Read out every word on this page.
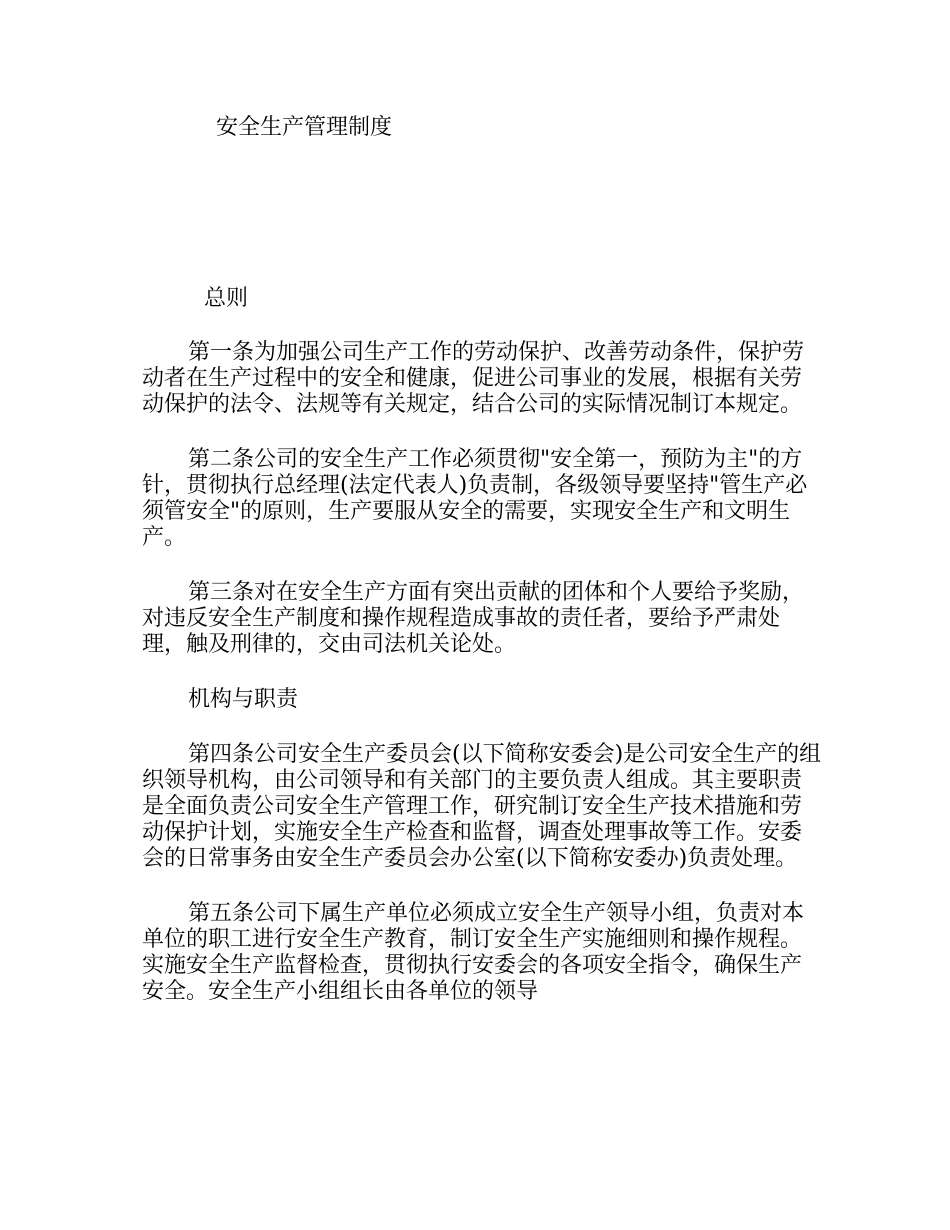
安全生产管理制度
总则

第一条为加强公司生产工作的劳动保护、改善劳动条件，保护劳动者在生产过程中的安全和健康，促进公司事业的发展，根据有关劳动保护的法令、法规等有关规定，结合公司的实际情况制订本规定。

第二条公司的安全生产工作必须贯彻"安全第一，预防为主"的方针，贯彻执行总经理(法定代表人)负责制，各级领导要坚持"管生产必须管安全"的原则，生产要服从安全的需要，实现安全生产和文明生产。

第三条对在安全生产方面有突出贡献的团体和个人要给予奖励，对违反安全生产制度和操作规程造成事故的责任者，要给予严肃处理，触及刑律的，交由司法机关论处。

机构与职责

第四条公司安全生产委员会(以下简称安委会)是公司安全生产的组织领导机构，由公司领导和有关部门的主要负责人组成。其主要职责是全面负责公司安全生产管理工作，研究制订安全生产技术措施和劳动保护计划，实施安全生产检查和监督，调查处理事故等工作。安委会的日常事务由安全生产委员会办公室(以下简称安委办)负责处理。

第五条公司下属生产单位必须成立安全生产领导小组，负责对本单位的职工进行安全生产教育，制订安全生产实施细则和操作规程。实施安全生产监督检查，贯彻执行安委会的各项安全指令，确保生产安全。安全生产小组组长由各单位的领导
